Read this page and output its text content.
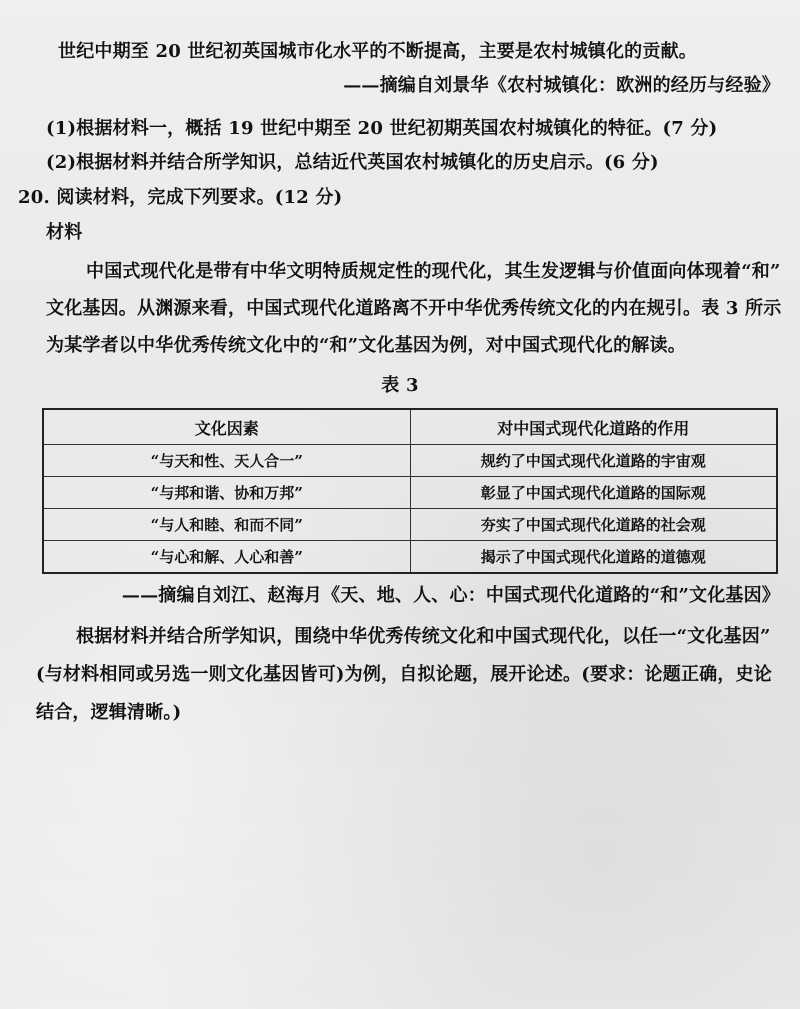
世纪中期至 20 世纪初英国城市化水平的不断提高，主要是农村城镇化的贡献。
——摘编自刘景华《农村城镇化：欧洲的经历与经验》
(1)根据材料一，概括 19 世纪中期至 20 世纪初期英国农村城镇化的特征。(7 分)
(2)根据材料并结合所学知识，总结近代英国农村城镇化的历史启示。(6 分)
20. 阅读材料，完成下列要求。(12 分)
材料
中国式现代化是带有中华文明特质规定性的现代化，其生发逻辑与价值面向体现着“和”
文化基因。从渊源来看，中国式现代化道路离不开中华优秀传统文化的内在规引。表 3 所示
为某学者以中华优秀传统文化中的“和”文化基因为例，对中国式现代化的解读。
表 3
文化因素	对中国式现代化道路的作用
“与天和性、天人合一”	规约了中国式现代化道路的宇宙观
“与邦和谐、协和万邦”	彰显了中国式现代化道路的国际观
“与人和睦、和而不同”	夯实了中国式现代化道路的社会观
“与心和解、人心和善”	揭示了中国式现代化道路的道德观
——摘编自刘江、赵海月《天、地、人、心：中国式现代化道路的“和”文化基因》
根据材料并结合所学知识，围绕中华优秀传统文化和中国式现代化，以任一“文化基因”
(与材料相同或另选一则文化基因皆可)为例，自拟论题，展开论述。(要求：论题正确，史论
结合，逻辑清晰。)
